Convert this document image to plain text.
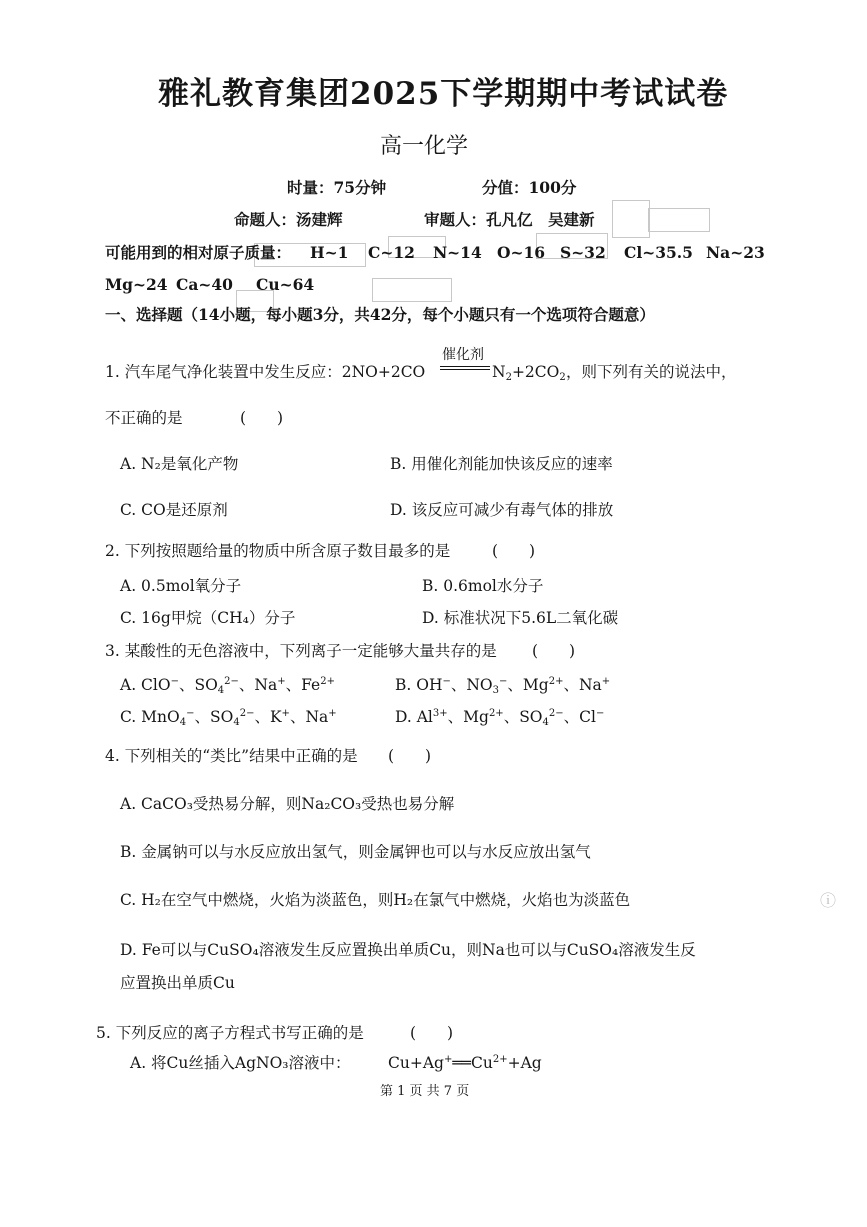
ⓘ
雅礼教育集团2025下学期期中考试试卷
高一化学
时量：75分钟	分值：100分
命题人：汤建辉	审题人：孔凡亿　吴建新
可能用到的相对原子质量： H~1 C~12 N~14 O~16 S~32 Cl~35.5 Na~23
Mg~24 Ca~40 Cu~64
一、选择题（14小题，每小题3分，共42分，每个小题只有一个选项符合题意）
1. 汽车尾气净化装置中发生反应：2NO+2CO
催化剂
$N_2+2CO_2$ ，则下列有关的说法中，
不正确的是	(　　)
A. N₂是氧化产物	B. 用催化剂能加快该反应的速率
C. CO是还原剂	D. 该反应可减少有毒气体的排放
2. 下列按照题给量的物质中所含原子数目最多的是	(　　)
A. 0.5mol氧分子	B. 0.6mol水分子
C. 16g甲烷（CH₄）分子	D. 标准状况下5.6L二氧化碳
3. 某酸性的无色溶液中，下列离子一定能够大量共存的是 (　　)
A. ClO−、$SO_4^{2-}$、Na+、$Fe^{2+}$	B. OH−、$NO_3^-$、$Mg^{2+}$、Na+
C. MnO$_4$−、$SO_4^{2-}$、K+、Na+	D. $Al^{3+}$、$Mg^{2+}$、$SO_4^{2-}$、Cl−
4. 下列相关的“类比”结果中正确的是 (　　)
A. CaCO₃受热易分解，则Na₂CO₃受热也易分解
B. 金属钠可以与水反应放出氢气，则金属钾也可以与水反应放出氢气
C. H₂在空气中燃烧，火焰为淡蓝色，则H₂在氯气中燃烧，火焰也为淡蓝色
D. Fe可以与CuSO₄溶液发生反应置换出单质Cu，则Na也可以与CuSO₄溶液发生反
应置换出单质Cu
5. 下列反应的离子方程式书写正确的是	(　　)
A. 将Cu丝插入AgNO₃溶液中： $Cu+Ag^+══Cu^{2+}+Ag$
第 1 页 共 7 页
